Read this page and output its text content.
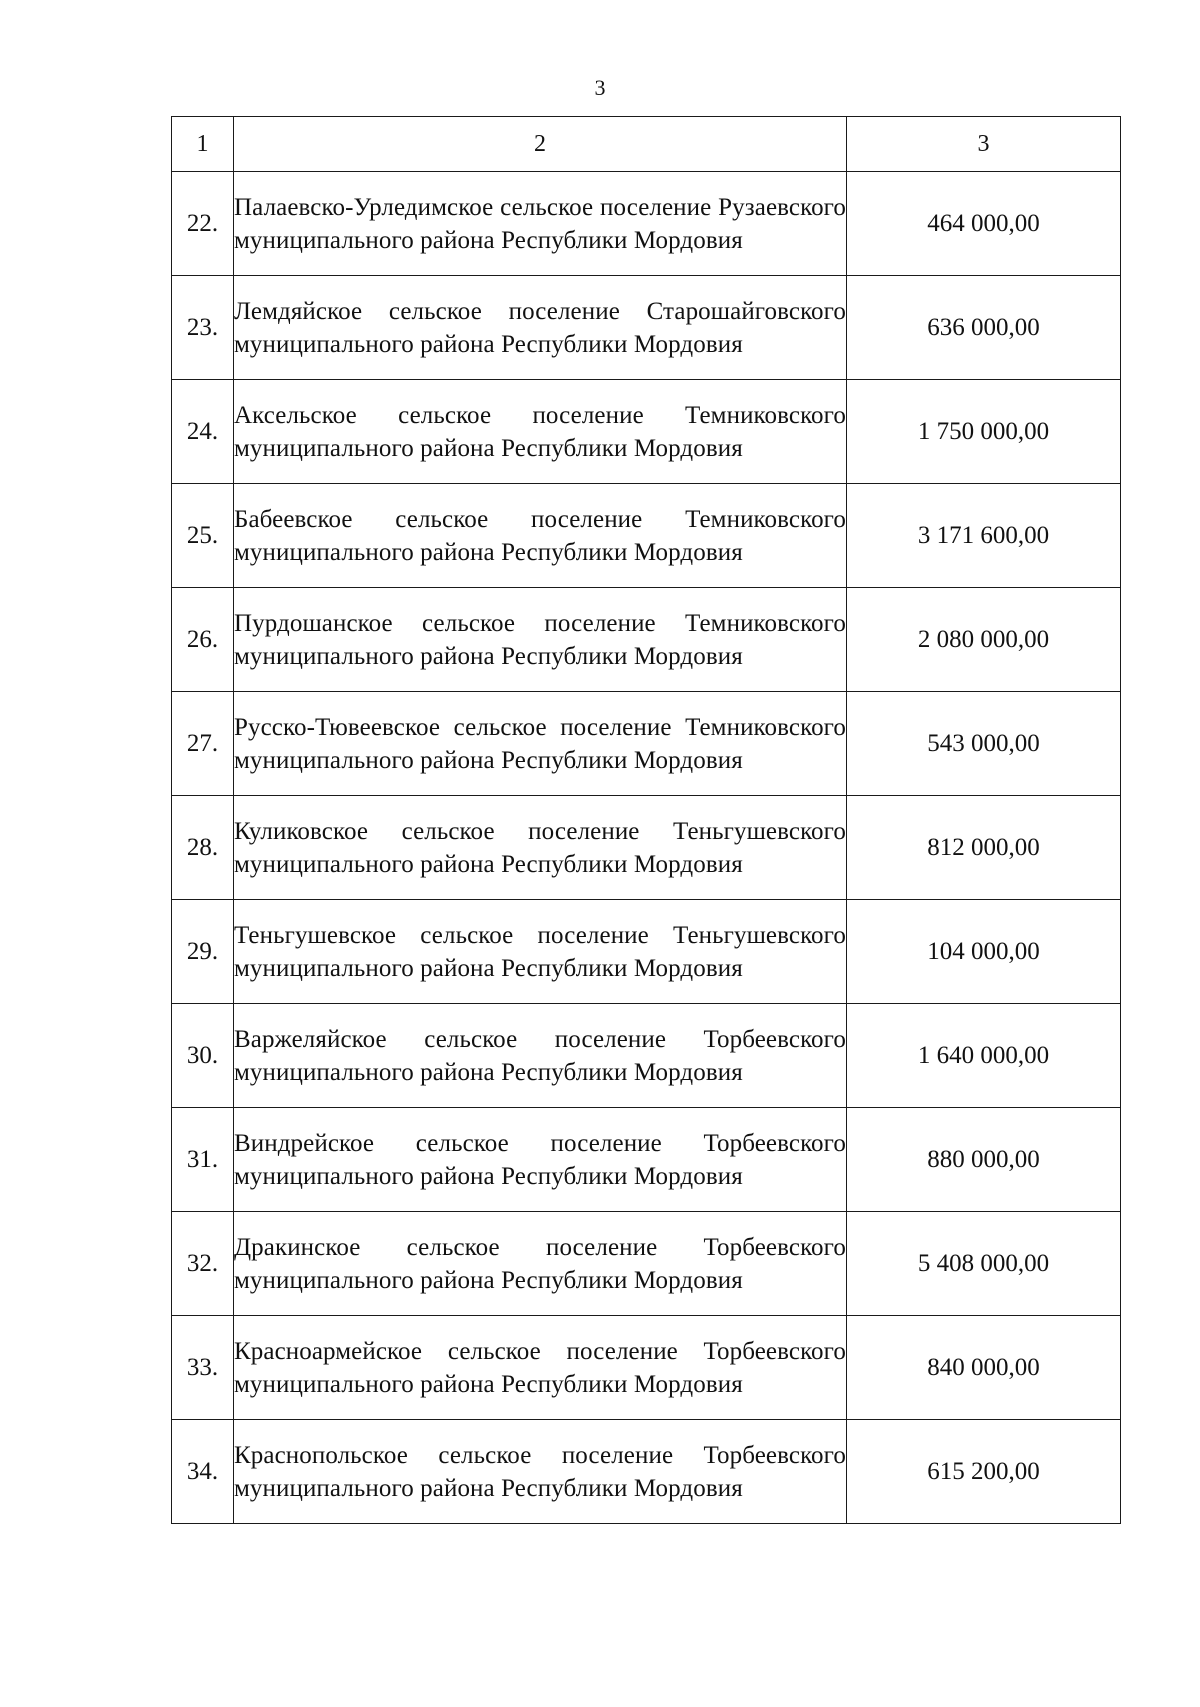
3
1	2	3
22.	Палаевско-Урледимское сельское поселение Рузаевского муниципального района Республики Мордовия	464 000,00
23.	Лемдяйское сельское поселение Старошайговского муниципального района Республики Мордовия	636 000,00
24.	Аксельское сельское поселение Темниковского муниципального района Республики Мордовия	1 750 000,00
25.	Бабеевское сельское поселение Темниковского муниципального района Республики Мордовия	3 171 600,00
26.	Пурдошанское сельское поселение Темниковского муниципального района Республики Мордовия	2 080 000,00
27.	Русско-Тювеевское сельское поселение Темниковского муниципального района Республики Мордовия	543 000,00
28.	Куликовское сельское поселение Теньгушевского муниципального района Республики Мордовия	812 000,00
29.	Теньгушевское сельское поселение Теньгушевского муниципального района Республики Мордовия	104 000,00
30.	Варжеляйское сельское поселение Торбеевского муниципального района Республики Мордовия	1 640 000,00
31.	Виндрейское сельское поселение Торбеевского муниципального района Республики Мордовия	880 000,00
32.	Дракинское сельское поселение Торбеевского муниципального района Республики Мордовия	5 408 000,00
33.	Красноармейское сельское поселение Торбеевского муниципального района Республики Мордовия	840 000,00
34.	Краснопольское сельское поселение Торбеевского муниципального района Республики Мордовия	615 200,00
